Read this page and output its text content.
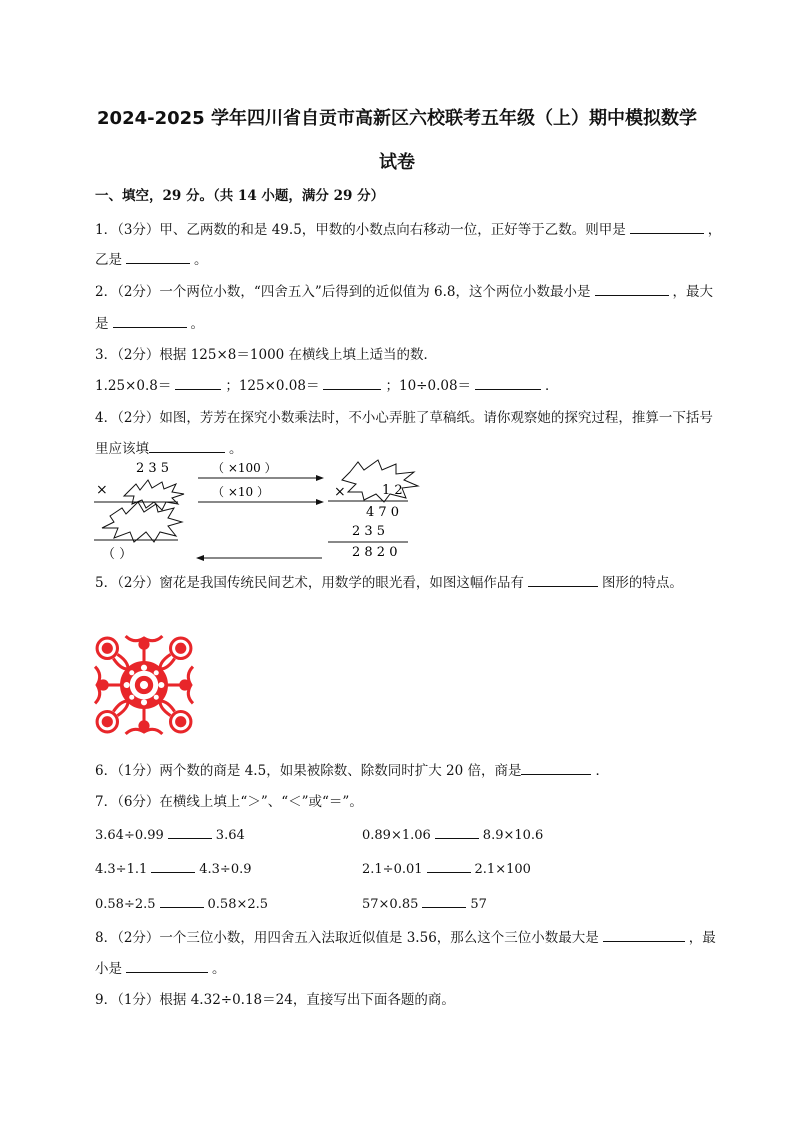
2024-2025 学年四川省自贡市高新区六校联考五年级（上）期中模拟数学
试卷
一、填空，29 分。（共 14 小题，满分 29 分）
1．（3分）甲、乙两数的和是 49.5，甲数的小数点向右移动一位，正好等于乙数。则甲是	，
乙是	。
2．（2分）一个两位小数，“四舍五入”后得到的近似值为 6.8，这个两位小数最小是	，最大
是	。
3．（2分）根据 125×8＝1000 在横线上填上适当的数．
1.25×0.8＝	；125×0.08＝	；10÷0.08＝	．
4．（2分）如图，芳芳在探究小数乘法时，不小心弄脏了草稿纸。请你观察她的探究过程，推算一下括号
里应该填	。
2 3 5
×
（ ）
（ ×100 ）
（ ×10 ）	×	1 2
4 7 0
2 3 5
2 8 2 0
5．（2分）窗花是我国传统民间艺术，用数学的眼光看，如图这幅作品有	图形的特点。
6．（1分）两个数的商是 4.5，如果被除数、除数同时扩大 20 倍，商是	．
7．（6分）在横线上填上“＞”、“＜”或“＝”。
3.64÷0.99	3.64	0.89×1.06	8.9×10.6
4.3÷1.1	4.3÷0.9	2.1÷0.01	2.1×100
0.58÷2.5	0.58×2.5	57×0.85	57
8．（2分）一个三位小数，用四舍五入法取近似值是 3.56，那么这个三位小数最大是	，最
小是	。
9．（1分）根据 4.32÷0.18＝24，直接写出下面各题的商。
